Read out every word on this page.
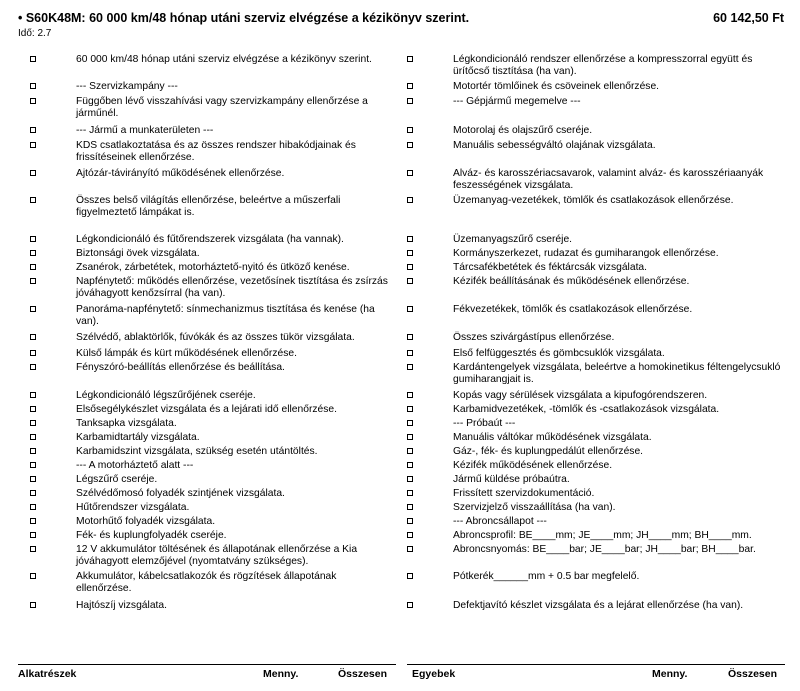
• S60K48M: 60 000 km/48 hónap utáni szerviz elvégzése a kézikönyv szerint.	60 142,50 Ft
Idő: 2.7
60 000 km/48 hónap utáni szerviz elvégzése a kézikönyv szerint.
--- Szervizkampány ---
Függőben lévő visszahívási vagy szervizkampány ellenőrzése a járműnél.
--- Jármű a munkaterületen ---
KDS csatlakoztatása és az összes rendszer hibakódjainak és frissítéseinek ellenőrzése.
Ajtózár-távirányító működésének ellenőrzése.
Összes belső világítás ellenőrzése, beleértve a műszerfali figyelmeztető lámpákat is.
Légkondicionáló és fűtőrendszerek vizsgálata (ha vannak).
Biztonsági övek vizsgálata.
Zsanérok, zárbetétek, motorháztető-nyitó és ütköző kenése.
Napfénytető: működés ellenőrzése, vezetősínek tisztítása és zsírzás jóváhagyott kenőzsírral (ha van).
Panoráma-napfénytető: sínmechanizmus tisztítása és kenése (ha van).
Szélvédő, ablaktörlők, fúvókák és az összes tükör vizsgálata.
Külső lámpák és kürt működésének ellenőrzése.
Fényszóró-beállítás ellenőrzése és beállítása.
Légkondicionáló légszűrőjének cseréje.
Elsősegélykészlet vizsgálata és a lejárati idő ellenőrzése.
Tanksapka vizsgálata.
Karbamidtartály vizsgálata.
Karbamidszint vizsgálata, szükség esetén utántöltés.
--- A motorháztető alatt ---
Légszűrő cseréje.
Szélvédőmosó folyadék szintjének vizsgálata.
Hűtőrendszer vizsgálata.
Motorhűtő folyadék vizsgálata.
Fék- és kuplungfolyadék cseréje.
12 V akkumulátor töltésének és állapotának ellenőrzése a Kia jóváhagyott elemzőjével (nyomtatvány szükséges).
Akkumulátor, kábelcsatlakozók és rögzítések állapotának ellenőrzése.
Hajtószíj vizsgálata.
Légkondicionáló rendszer ellenőrzése a kompresszorral együtt és ürítőcső tisztítása (ha van).
Motortér tömlőinek és csöveinek ellenőrzése.
--- Gépjármű megemelve ---
Motorolaj és olajszűrő cseréje.
Manuális sebességváltó olajának vizsgálata.
Alváz- és karosszériacsavarok, valamint alváz- és karosszériaanyák feszességének vizsgálata.
Üzemanyag-vezetékek, tömlők és csatlakozások ellenőrzése.
Üzemanyagszűrő cseréje.
Kormányszerkezet, rudazat és gumiharangok ellenőrzése.
Tárcsafékbetétek és féktárcsák vizsgálata.
Kézifék beállításának és működésének ellenőrzése.
Fékvezetékek, tömlők és csatlakozások ellenőrzése.
Összes szivárgástípus ellenőrzése.
Első felfüggesztés és gömbcsuklók vizsgálata.
Kardántengelyek vizsgálata, beleértve a homokinetikus féltengelycsukló gumiharangjait is.
Kopás vagy sérülések vizsgálata a kipufogórendszeren.
Karbamidvezetékek, -tömlők és -csatlakozások vizsgálata.
--- Próbaút ---
Manuális váltókar működésének vizsgálata.
Gáz-, fék- és kuplungpedálút ellenőrzése.
Kézifék működésének ellenőrzése.
Jármű küldése próbaútra.
Frissített szervizdokumentáció.
Szervizjelző visszaállítása (ha van).
--- Abroncsállapot ---
Abroncsprofil: BE____mm; JE____mm; JH____mm; BH____mm.
Abroncsnyomás: BE____bar; JE____bar; JH____bar; BH____bar.
Pótkerék______mm + 0.5 bar megfelelő.
Defektjavító készlet vizsgálata és a lejárat ellenőrzése (ha van).
Alkatrészek	Menny.	Összesen Egyebek	Menny.	Összesen
